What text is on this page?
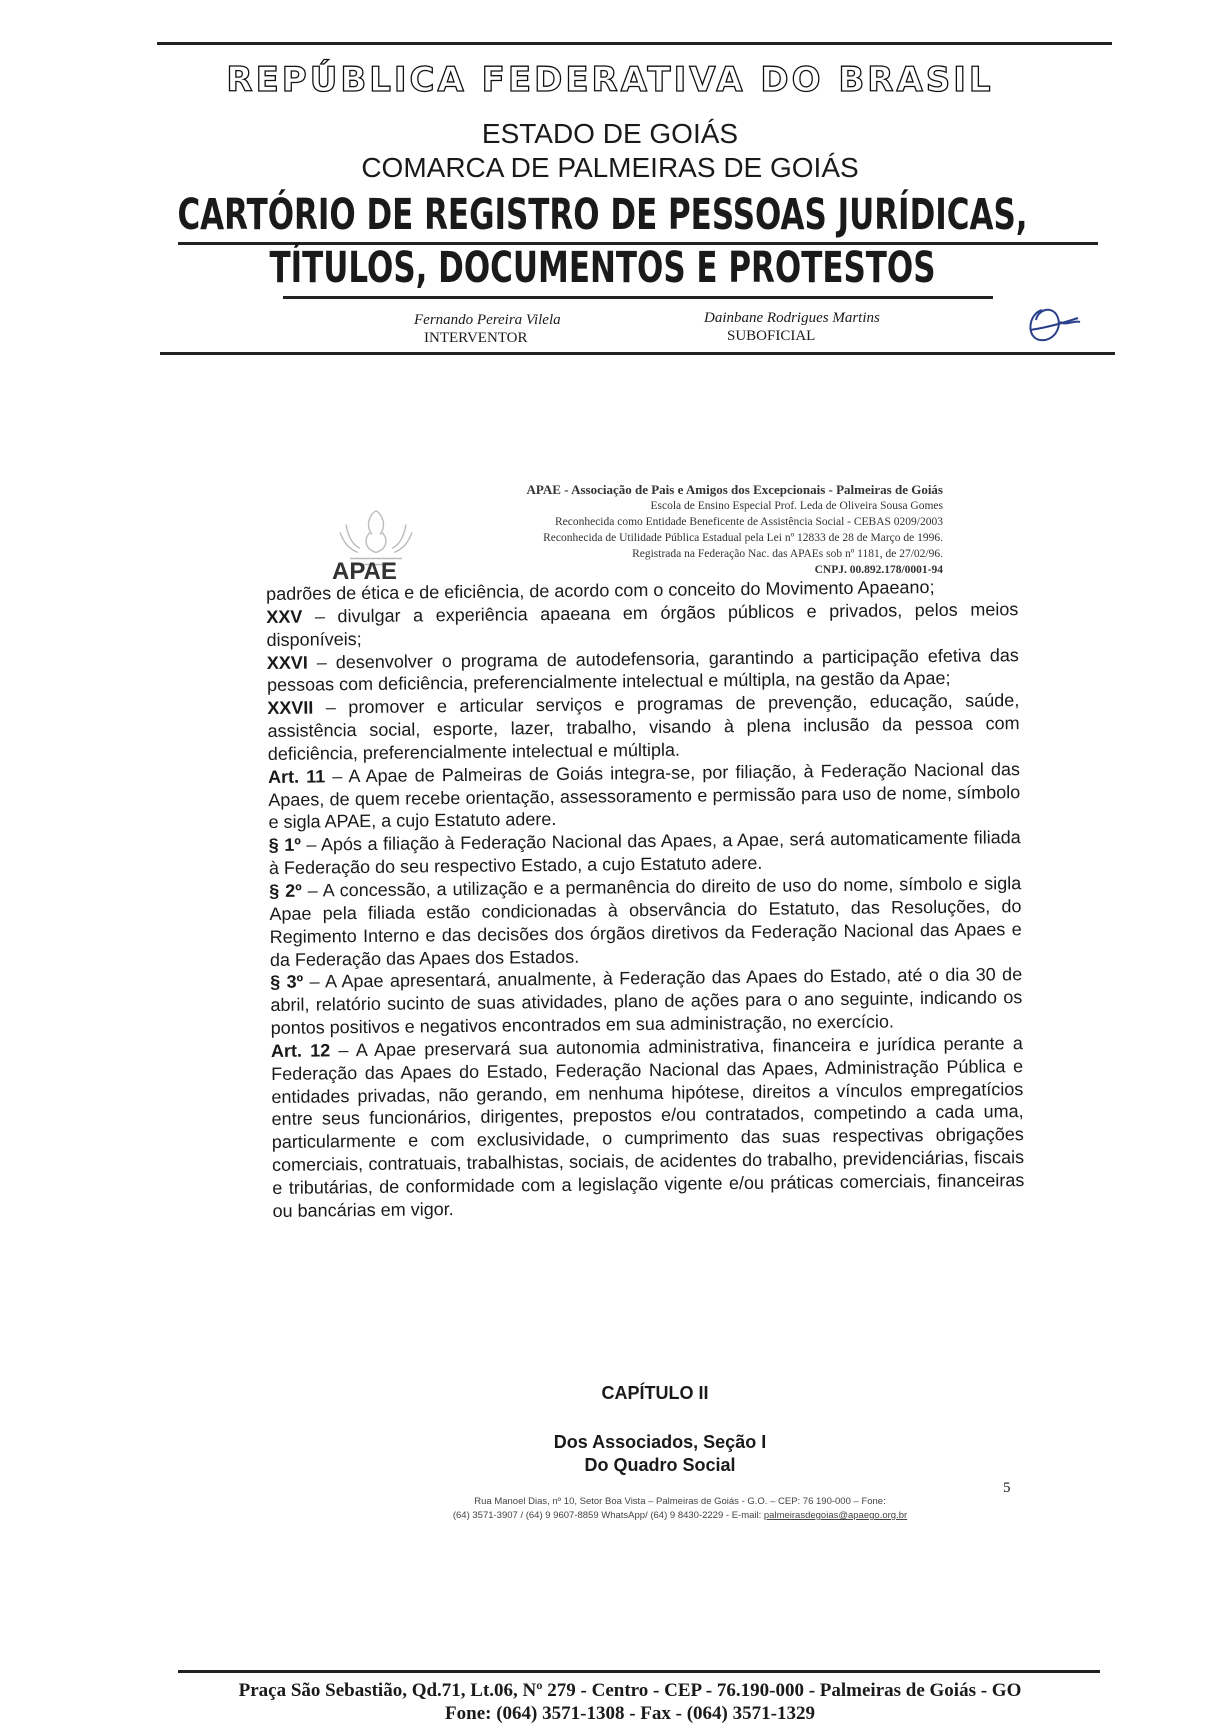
REPÚBLICA FEDERATIVA DO BRASIL
ESTADO DE GOIÁS
COMARCA DE PALMEIRAS DE GOIÁS
CARTÓRIO DE REGISTRO DE PESSOAS JURÍDICAS,
TÍTULOS, DOCUMENTOS E PROTESTOS
Fernando Pereira Vilela
INTERVENTOR
Dainbane Rodrigues Martins
SUBOFICIAL
APAE
APAE - Associação de Pais e Amigos dos Excepcionais - Palmeiras de Goiás
Escola de Ensino Especial Prof. Leda de Oliveira Sousa Gomes
Reconhecida como Entidade Beneficente de Assistência Social - CEBAS 0209/2003
Reconhecida de Utilidade Pública Estadual pela Lei nº 12833 de 28 de Março de 1996.
Registrada na Federação Nac. das APAEs sob nº 1181, de 27/02/96.
CNPJ. 00.892.178/0001-94

padrões de ética e de eficiência, de acordo com o conceito do Movimento Apaeano;

XXV – divulgar a experiência apaeana em órgãos públicos e privados, pelos meios disponíveis;

XXVI – desenvolver o programa de autodefensoria, garantindo a participação efetiva das pessoas com deficiência, preferencialmente intelectual e múltipla, na gestão da Apae;

XXVII – promover e articular serviços e programas de prevenção, educação, saúde, assistência social, esporte, lazer, trabalho, visando à plena inclusão da pessoa com deficiência, preferencialmente intelectual e múltipla.

Art. 11 – A Apae de Palmeiras de Goiás integra-se, por filiação, à Federação Nacional das Apaes, de quem recebe orientação, assessoramento e permissão para uso de nome, símbolo e sigla APAE, a cujo Estatuto adere.

§ 1º – Após a filiação à Federação Nacional das Apaes, a Apae, será automaticamente filiada à Federação do seu respectivo Estado, a cujo Estatuto adere.

§ 2º – A concessão, a utilização e a permanência do direito de uso do nome, símbolo e sigla Apae pela filiada estão condicionadas à observância do Estatuto, das Resoluções, do Regimento Interno e das decisões dos órgãos diretivos da Federação Nacional das Apaes e da Federação das Apaes dos Estados.

§ 3º – A Apae apresentará, anualmente, à Federação das Apaes do Estado, até o dia 30 de abril, relatório sucinto de suas atividades, plano de ações para o ano seguinte, indicando os pontos positivos e negativos encontrados em sua administração, no exercício.

Art. 12 – A Apae preservará sua autonomia administrativa, financeira e jurídica perante a Federação das Apaes do Estado, Federação Nacional das Apaes, Administração Pública e entidades privadas, não gerando, em nenhuma hipótese, direitos a vínculos empregatícios entre seus funcionários, dirigentes, prepostos e/ou contratados, competindo a cada uma, particularmente e com exclusividade, o cumprimento das suas respectivas obrigações comerciais, contratuais, trabalhistas, sociais, de acidentes do trabalho, previdenciárias, fiscais e tributárias, de conformidade com a legislação vigente e/ou práticas comerciais, financeiras ou bancárias em vigor.

CAPÍTULO II
Dos Associados, Seção I
Do Quadro Social
Rua Manoel Dias, nº 10, Setor Boa Vista – Palmeiras de Goiás - G.O. – CEP: 76 190-000 – Fone:
(64) 3571-3907 / (64) 9 9607-8859 WhatsApp/ (64) 9 8430-2229 - E-mail: palmeirasdegoias@apaego.org.br
5
Praça São Sebastião, Qd.71, Lt.06, Nº 279 - Centro - CEP - 76.190-000 - Palmeiras de Goiás - GO
Fone: (064) 3571-1308 - Fax - (064) 3571-1329
